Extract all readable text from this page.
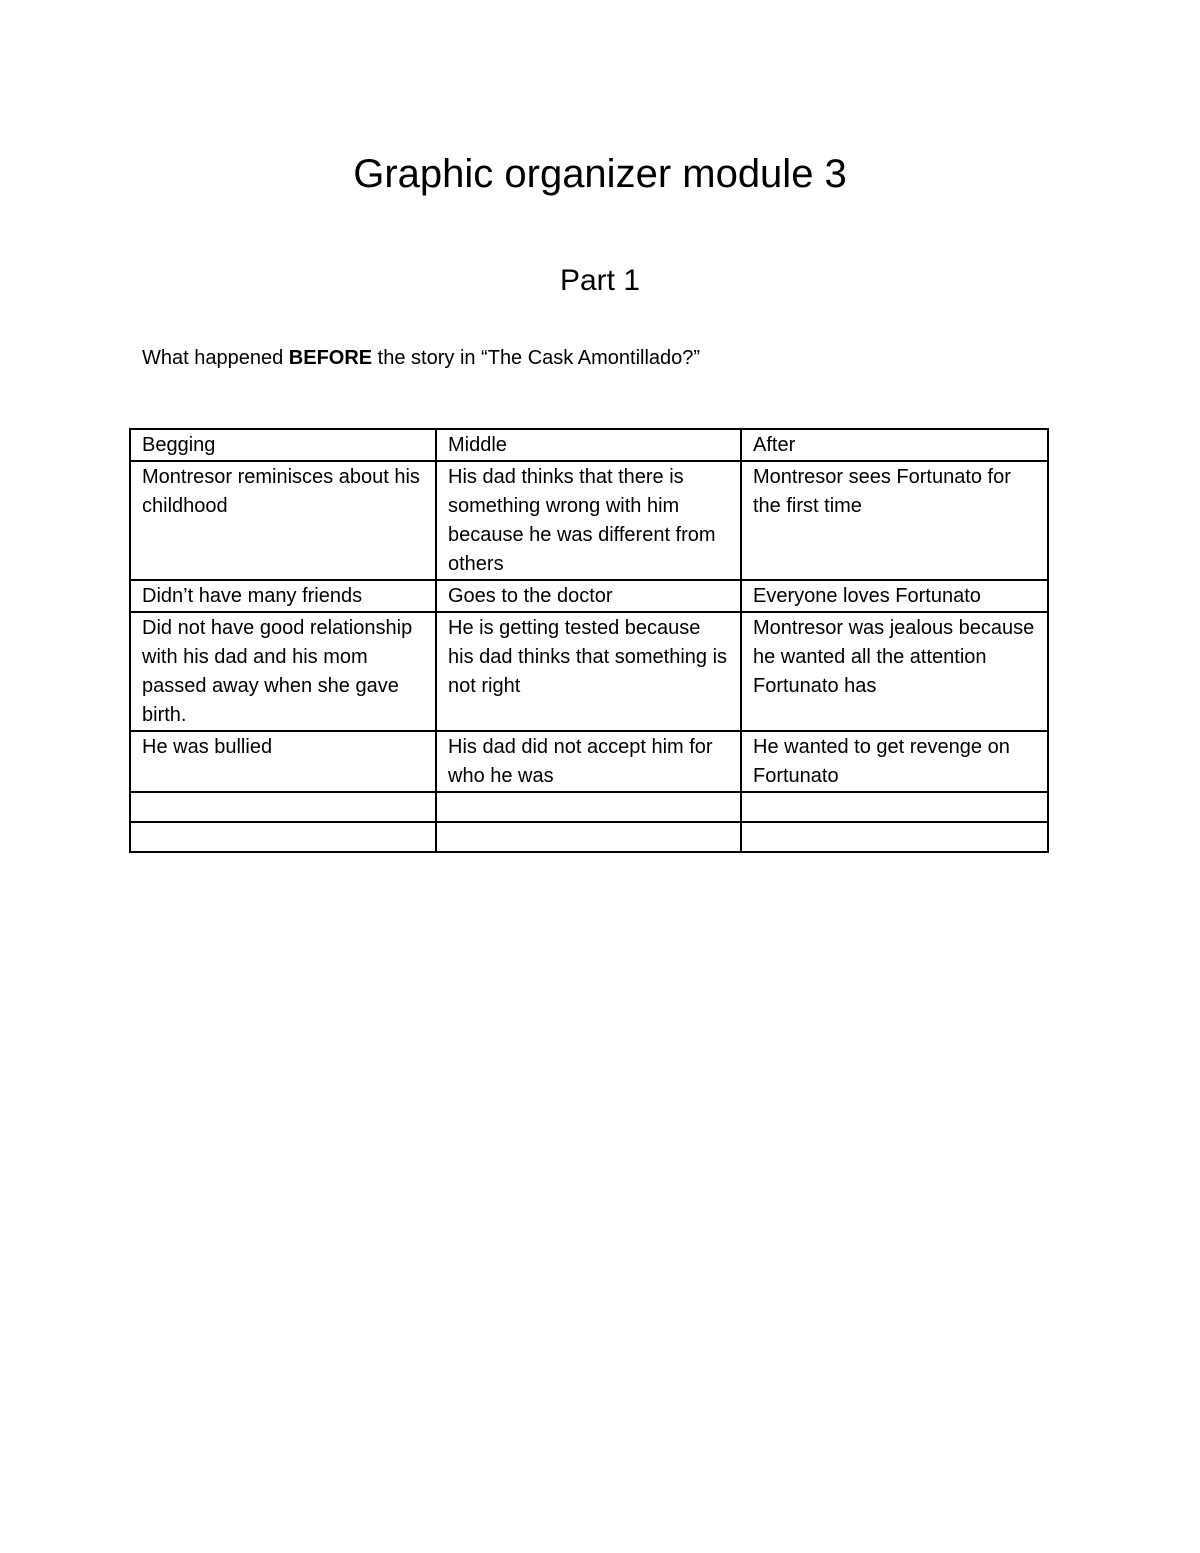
Graphic organizer module 3
Part 1

What happened BEFORE the story in “The Cask Amontillado?”

Begging	Middle	After
Montresor reminisces about his childhood	His dad thinks that there is something wrong with him because he was different from others	Montresor sees Fortunato for the first time
Didn’t have many friends	Goes to the doctor	Everyone loves Fortunato
Did not have good relationship with his dad and his mom passed away when she gave birth.	He is getting tested because his dad thinks that something is not right	Montresor was jealous because he wanted all the attention Fortunato has
He was bullied	His dad did not accept him for who he was	He wanted to get revenge on Fortunato
